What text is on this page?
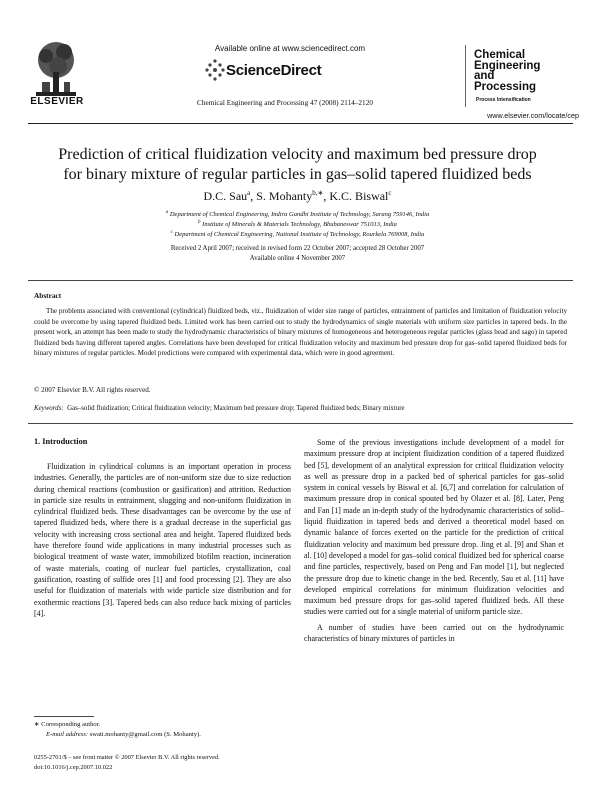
ELSEVIER
Available online at www.sciencedirect.com
ScienceDirect
Chemical Engineering and Processing 47 (2008) 2114–2120
Chemical
Engineering
and
Processing
Process Intensification
www.elsevier.com/locate/cep
Prediction of critical fluidization velocity and maximum bed pressure drop
for binary mixture of regular particles in gas–solid tapered fluidized beds
D.C. Sau$^a$, S. Mohanty$^{b,∗}$, K.C. Biswal$^c$
$^a$ Department of Chemical Engineering, Indira Gandhi Institute of Technology, Sarang 759146, India
$^b$ Institute of Minerals & Materials Technology, Bhubaneswar 751013, India
$^c$ Department of Chemical Engineering, National Institute of Technology, Rourkela 769008, India
Received 2 April 2007; received in revised form 22 October 2007; accepted 28 October 2007
Available online 4 November 2007
Abstract
The problems associated with conventional (cylindrical) fluidized beds, viz., fluidization of wider size range of particles, entrainment of particles and limitation of fluidization velocity could be overcome by using tapered fluidized beds. Limited work has been carried out to study the hydrodynamics of single materials with uniform size particles in tapered beds. In the present work, an attempt has been made to study the hydrodynamic characteristics of binary mixtures of homogeneous and heterogeneous regular particles (glass bead and sago) in tapered fluidized beds having different tapered angles. Correlations have been developed for critical fluidization velocity and maximum bed pressure drop for gas–solid tapered fluidized beds for binary mixtures of regular particles. Model predictions were compared with experimental data, which were in good agreement.
© 2007 Elsevier B.V. All rights reserved.
Keywords: Gas–solid fluidization; Critical fluidization velocity; Maximum bed pressure drop; Tapered fluidized beds; Binary mixture
1. Introduction

Fluidization in cylindrical columns is an important operation in process industries. Generally, the particles are of non-uniform size due to size reduction during chemical reactions (combustion or gasification) and attrition. Reduction in particle size results in entrainment, slugging and non-uniform fluidization in cylindrical fluidized beds. These disadvantages can be overcome by the use of tapered fluidized beds, where there is a gradual decrease in the superficial gas velocity with increasing cross sectional area and height. Tapered fluidized beds have therefore found wide applications in many industrial processes such as biological treatment of waste water, immobilized biofilm reaction, incineration of waste materials, coating of nuclear fuel particles, crystallization, coal gasification, roasting of sulfide ores [1] and food processing [2]. They are also useful for fluidization of materials with wide particle size distribution and for exothermic reactions [3]. Tapered beds can also reduce back mixing of particles [4].

Some of the previous investigations include development of a model for maximum pressure drop at incipient fluidization condition of a tapered fluidized bed [5], development of an analytical expression for critical fluidization velocity as well as pressure drop in a packed bed of spherical particles for gas–solid system in conical vessels by Biswal et al. [6,7] and correlation for calculation of maximum pressure drop in conical spouted bed by Olazer et al. [8]. Later, Peng and Fan [1] made an in-depth study of the hydrodynamic characteristics of solid–liquid fluidization in tapered beds and derived a theoretical model based on dynamic balance of forces exerted on the particle for the prediction of critical fluidization velocity and maximum bed pressure drop. Jing et al. [9] and Shan et al. [10] developed a model for gas–solid conical fluidized bed for spherical coarse and fine particles, respectively, based on Peng and Fan model [1], but neglected the pressure drop due to kinetic change in the bed. Recently, Sau et al. [11] have developed empirical correlations for minimum fluidization velocities and maximum bed pressure drops for gas–solid tapered fluidized beds. All these studies were carried out for a single material of uniform particle size.

A number of studies have been carried out on the hydrodynamic characteristics of binary mixtures of particles in

∗ Corresponding author.
E-mail address: swati.mohanty@gmail.com (S. Mohanty).
0255-2701/$ – see front matter © 2007 Elsevier B.V. All rights reserved.
doi:10.1016/j.cep.2007.10.022
